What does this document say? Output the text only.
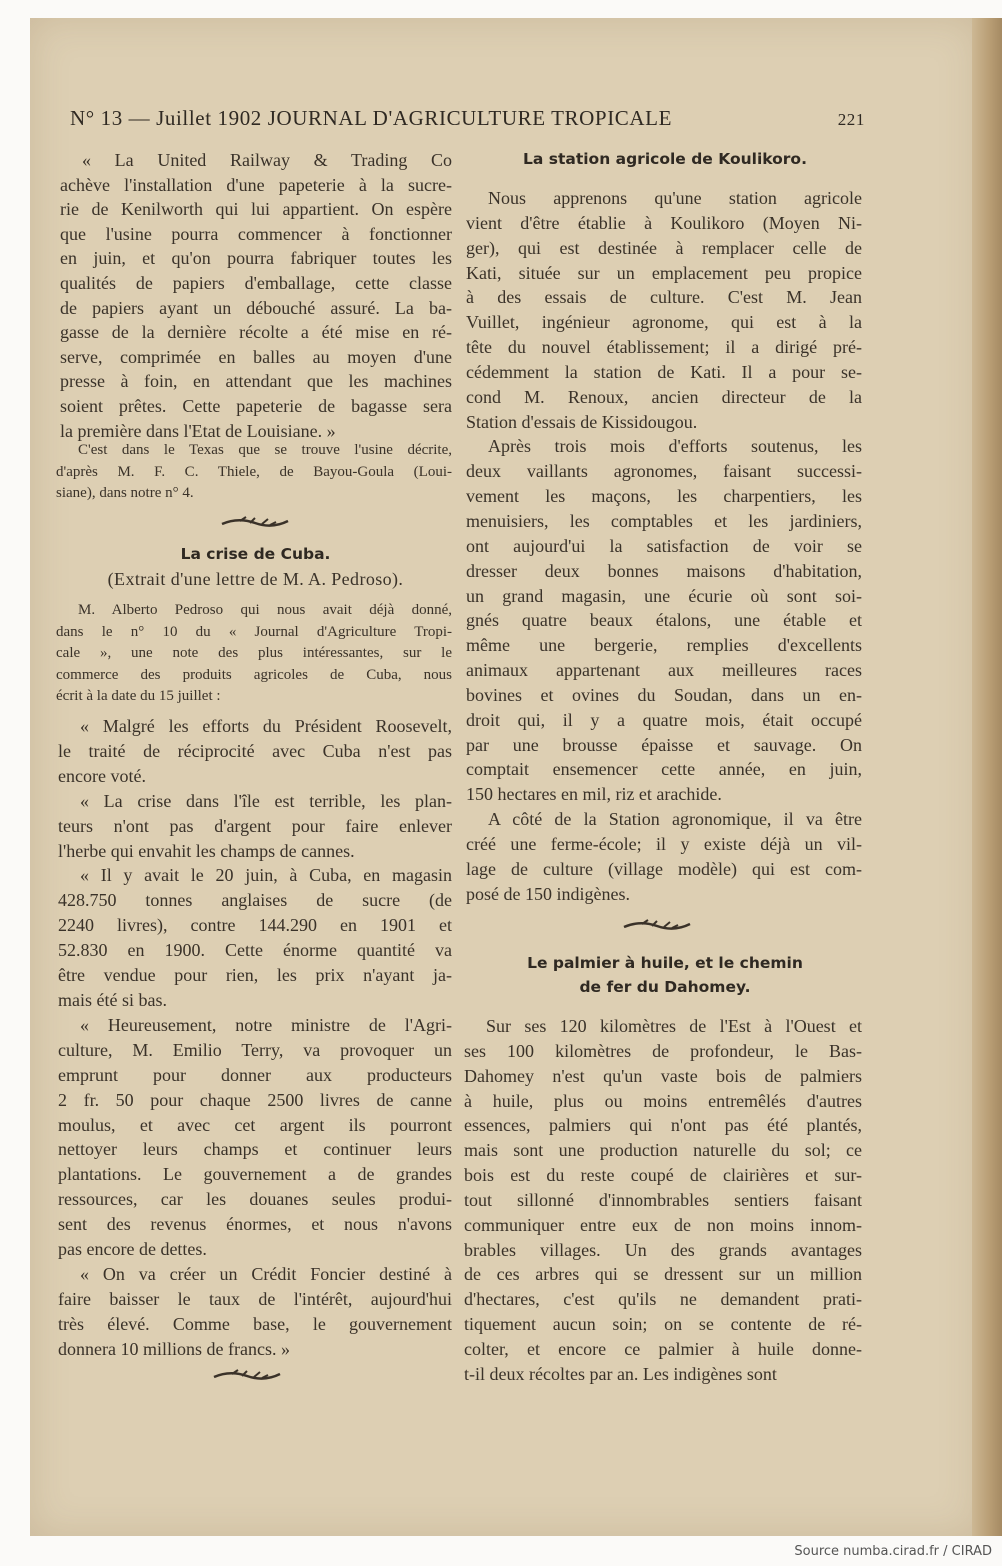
N° 13 — Juillet 1902 JOURNAL D'AGRICULTURE TROPICALE	221
La crise de Cuba.
(Extrait d'une lettre de M. A. Pedroso).
La station agricole de Koulikoro.
Le palmier à huile, et le chemin
de fer du Dahomey.
« La United Railway & Trading Co
achève l'installation d'une papeterie à la sucre-
rie de Kenilworth qui lui appartient. On espère
que l'usine pourra commencer à fonctionner
en juin, et qu'on pourra fabriquer toutes les
qualités de papiers d'emballage, cette classe
de papiers ayant un débouché assuré. La ba-
gasse de la dernière récolte a été mise en ré-
serve, comprimée en balles au moyen d'une
presse à foin, en attendant que les machines
soient prêtes. Cette papeterie de bagasse sera
la première dans l'Etat de Louisiane. »
C'est dans le Texas que se trouve l'usine décrite,
d'après M. F. C. Thiele, de Bayou-Goula (Loui-
siane), dans notre n° 4.
M. Alberto Pedroso qui nous avait déjà donné,
dans le n° 10 du « Journal d'Agriculture Tropi-
cale », une note des plus intéressantes, sur le
commerce des produits agricoles de Cuba, nous
écrit à la date du 15 juillet :
« Malgré les efforts du Président Roosevelt,
le traité de réciprocité avec Cuba n'est pas
encore voté.
« La crise dans l'île est terrible, les plan-
teurs n'ont pas d'argent pour faire enlever
l'herbe qui envahit les champs de cannes.
« Il y avait le 20 juin, à Cuba, en magasin
428.750 tonnes anglaises de sucre (de
2240 livres), contre 144.290 en 1901 et
52.830 en 1900. Cette énorme quantité va
être vendue pour rien, les prix n'ayant ja-
mais été si bas.
« Heureusement, notre ministre de l'Agri-
culture, M. Emilio Terry, va provoquer un
emprunt pour donner aux producteurs
2 fr. 50 pour chaque 2500 livres de canne
moulus, et avec cet argent ils pourront
nettoyer leurs champs et continuer leurs
plantations. Le gouvernement a de grandes
ressources, car les douanes seules produi-
sent des revenus énormes, et nous n'avons
pas encore de dettes.
« On va créer un Crédit Foncier destiné à
faire baisser le taux de l'intérêt, aujourd'hui
très élevé. Comme base, le gouvernement
donnera 10 millions de francs. »
Nous apprenons qu'une station agricole
vient d'être établie à Koulikoro (Moyen Ni-
ger), qui est destinée à remplacer celle de
Kati, située sur un emplacement peu propice
à des essais de culture. C'est M. Jean
Vuillet, ingénieur agronome, qui est à la
tête du nouvel établissement; il a dirigé pré-
cédemment la station de Kati. Il a pour se-
cond M. Renoux, ancien directeur de la
Station d'essais de Kissidougou.
Après trois mois d'efforts soutenus, les
deux vaillants agronomes, faisant successi-
vement les maçons, les charpentiers, les
menuisiers, les comptables et les jardiniers,
ont aujourd'ui la satisfaction de voir se
dresser deux bonnes maisons d'habitation,
un grand magasin, une écurie où sont soi-
gnés quatre beaux étalons, une étable et
même une bergerie, remplies d'excellents
animaux appartenant aux meilleures races
bovines et ovines du Soudan, dans un en-
droit qui, il y a quatre mois, était occupé
par une brousse épaisse et sauvage. On
comptait ensemencer cette année, en juin,
150 hectares en mil, riz et arachide.
A côté de la Station agronomique, il va être
créé une ferme-école; il y existe déjà un vil-
lage de culture (village modèle) qui est com-
posé de 150 indigènes.
Sur ses 120 kilomètres de l'Est à l'Ouest et
ses 100 kilomètres de profondeur, le Bas-
Dahomey n'est qu'un vaste bois de palmiers
à huile, plus ou moins entremêlés d'autres
essences, palmiers qui n'ont pas été plantés,
mais sont une production naturelle du sol; ce
bois est du reste coupé de clairières et sur-
tout sillonné d'innombrables sentiers faisant
communiquer entre eux de non moins innom-
brables villages. Un des grands avantages
de ces arbres qui se dressent sur un million
d'hectares, c'est qu'ils ne demandent prati-
tiquement aucun soin; on se contente de ré-
colter, et encore ce palmier à huile donne-
t-il deux récoltes par an. Les indigènes sont
Source numba.cirad.fr / CIRAD
